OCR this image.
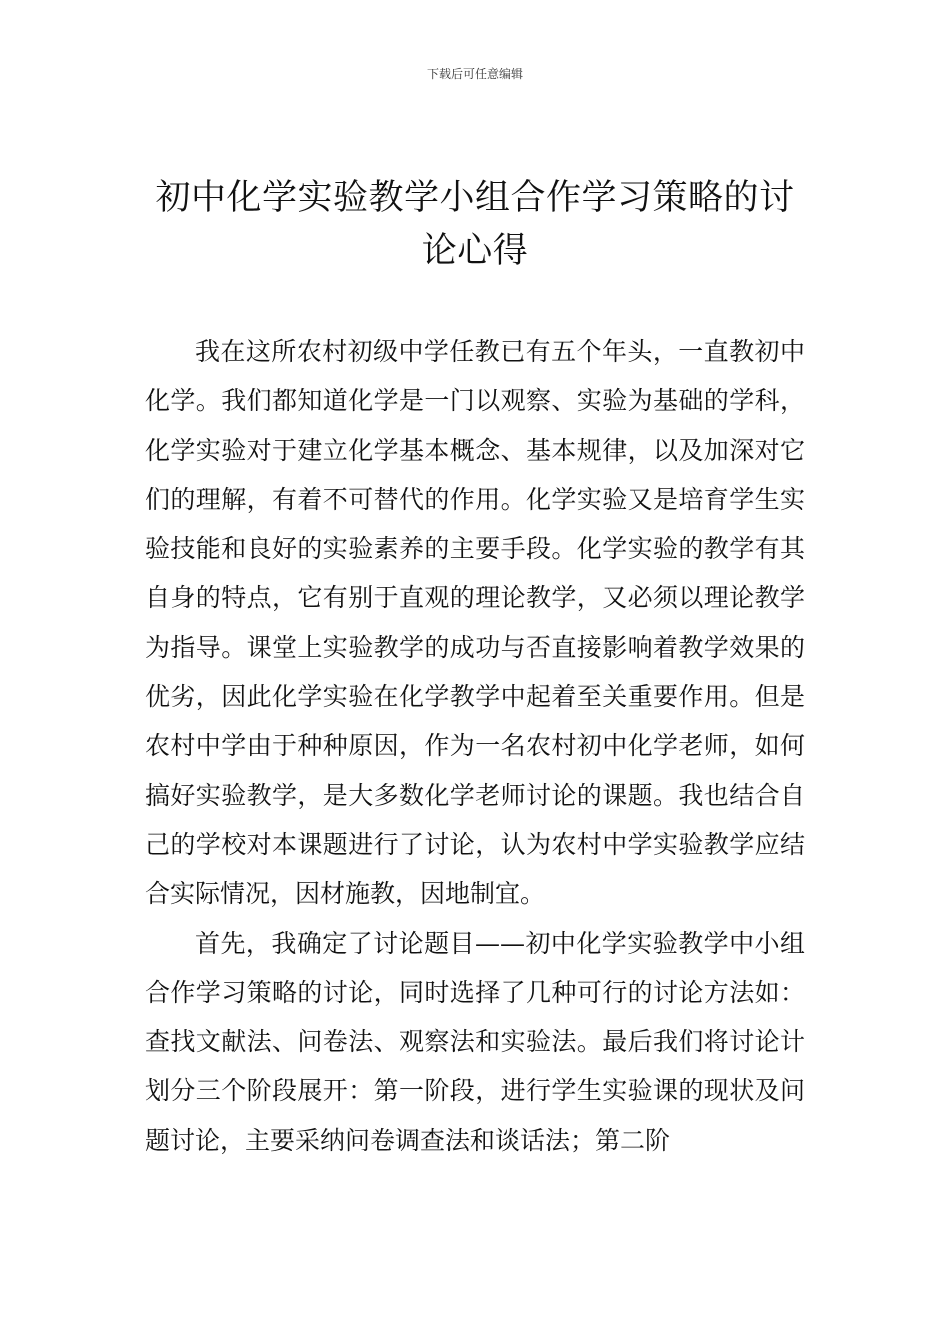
下载后可任意编辑
初中化学实验教学小组合作学习策略的讨论心得

我在这所农村初级中学任教已有五个年头，一直教初中化学。我们都知道化学是一门以观察、实验为基础的学科，化学实验对于建立化学基本概念、基本规律，以及加深对它们的理解，有着不可替代的作用。化学实验又是培育学生实验技能和良好的实验素养的主要手段。化学实验的教学有其自身的特点，它有别于直观的理论教学，又必须以理论教学为指导。课堂上实验教学的成功与否直接影响着教学效果的优劣，因此化学实验在化学教学中起着至关重要作用。但是农村中学由于种种原因，作为一名农村初中化学老师，如何搞好实验教学，是大多数化学老师讨论的课题。我也结合自己的学校对本课题进行了讨论，认为农村中学实验教学应结合实际情况，因材施教，因地制宜。

首先，我确定了讨论题目——初中化学实验教学中小组合作学习策略的讨论，同时选择了几种可行的讨论方法如：查找文献法、问卷法、观察法和实验法。最后我们将讨论计划分三个阶段展开：第一阶段，进行学生实验课的现状及问题讨论，主要采纳问卷调查法和谈话法；第二阶
